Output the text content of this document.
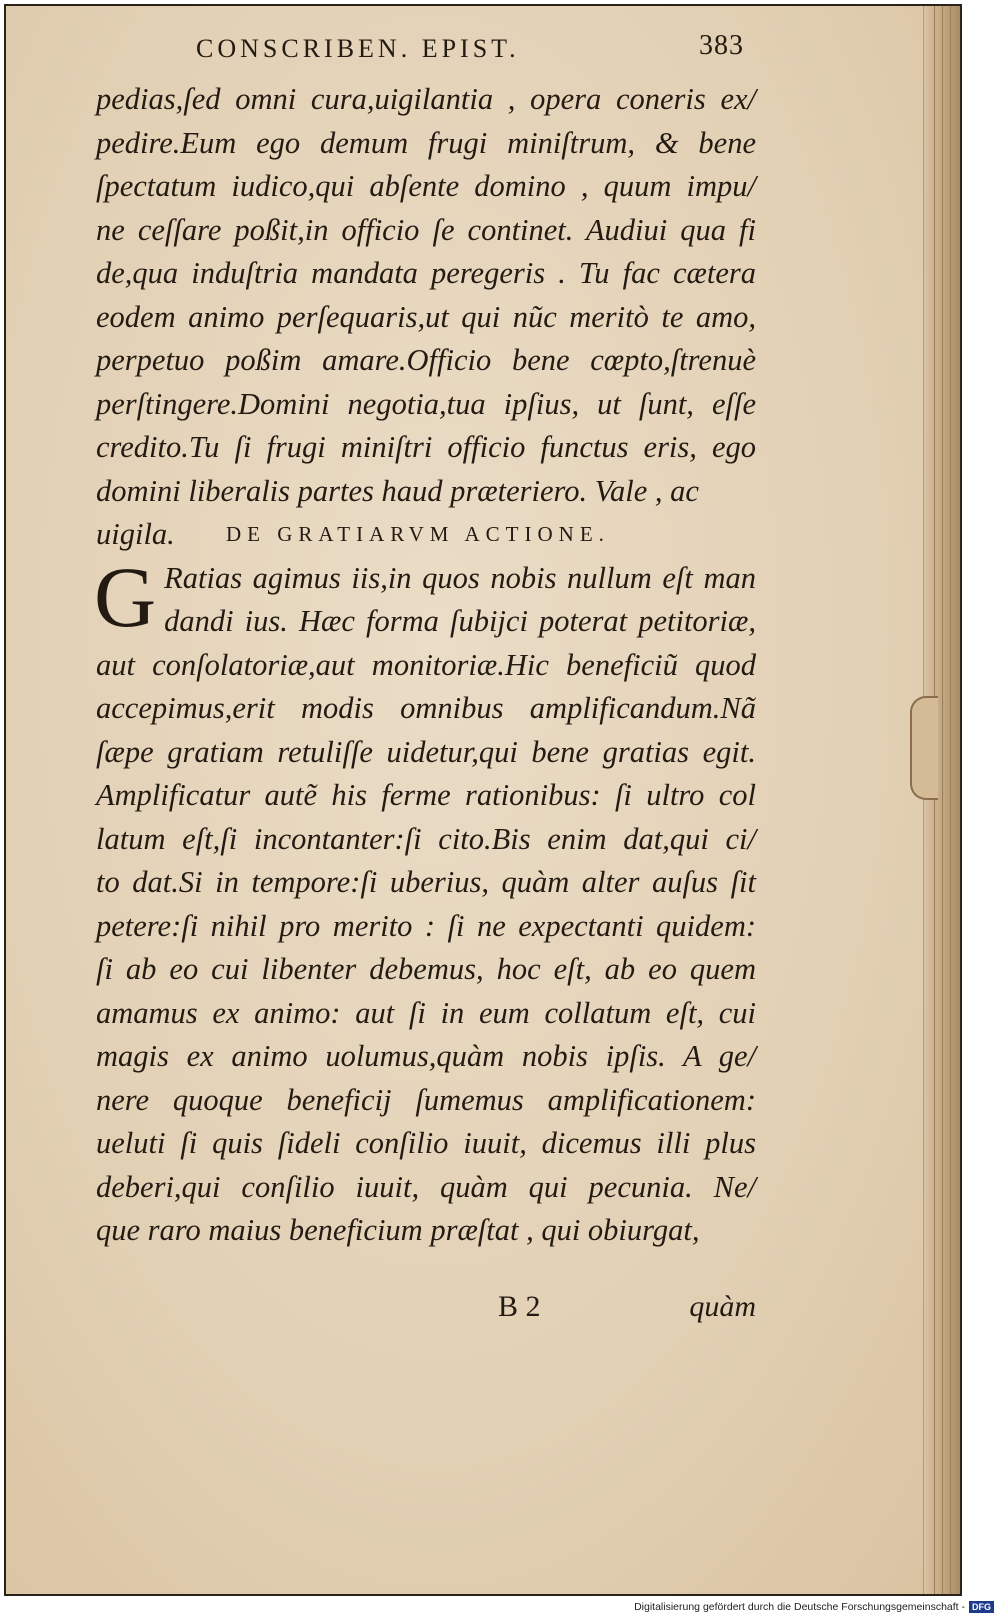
CONSCRIBEN. EPIST.	383
pedias,ſed omni cura,uigilantia , opera coneris ex/
pedire.Eum ego demum frugi miniſtrum, & bene
ſpectatum iudico,qui abſente domino , quum impu/
ne ceſſare poßit,in officio ſe continet. Audiui qua fi
de,qua induſtria mandata peregeris . Tu fac cætera
eodem animo perſequaris,ut qui nũc meritò te amo,
perpetuo poßim amare.Officio bene cœpto,ſtrenuè
perſtingere.Domini negotia,tua ipſius, ut ſunt, eſſe
credito.Tu ſi frugi miniſtri officio functus eris, ego
domini liberalis partes haud præteriero. Vale , ac
uigila. DE GRATIARVM ACTIONE.
G Ratias agimus iis,in quos nobis nullum eſt man
dandi ius. Hæc forma ſubijci poterat petitoriæ,
aut conſolatoriæ,aut monitoriæ.Hic beneficiũ quod
accepimus,erit modis omnibus amplificandum.Nã
ſæpe gratiam retuliſſe uidetur,qui bene gratias egit.
Amplificatur autẽ his ferme rationibus: ſi ultro col
latum eſt,ſi incontanter:ſi cito.Bis enim dat,qui ci/
to dat.Si in tempore:ſi uberius, quàm alter auſus ſit
petere:ſi nihil pro merito : ſi ne expectanti quidem:
ſi ab eo cui libenter debemus, hoc eſt, ab eo quem
amamus ex animo: aut ſi in eum collatum eſt, cui
magis ex animo uolumus,quàm nobis ipſis. A ge/
nere quoque beneficij ſumemus amplificationem:
ueluti ſi quis ſideli conſilio iuuit, dicemus illi plus
deberi,qui conſilio iuuit, quàm qui pecunia. Ne/
que raro maius beneficium præſtat , qui obiurgat,
B 2	quàm
Digitalisierung gefördert durch die Deutsche Forschungsgemeinschaft - DFG
